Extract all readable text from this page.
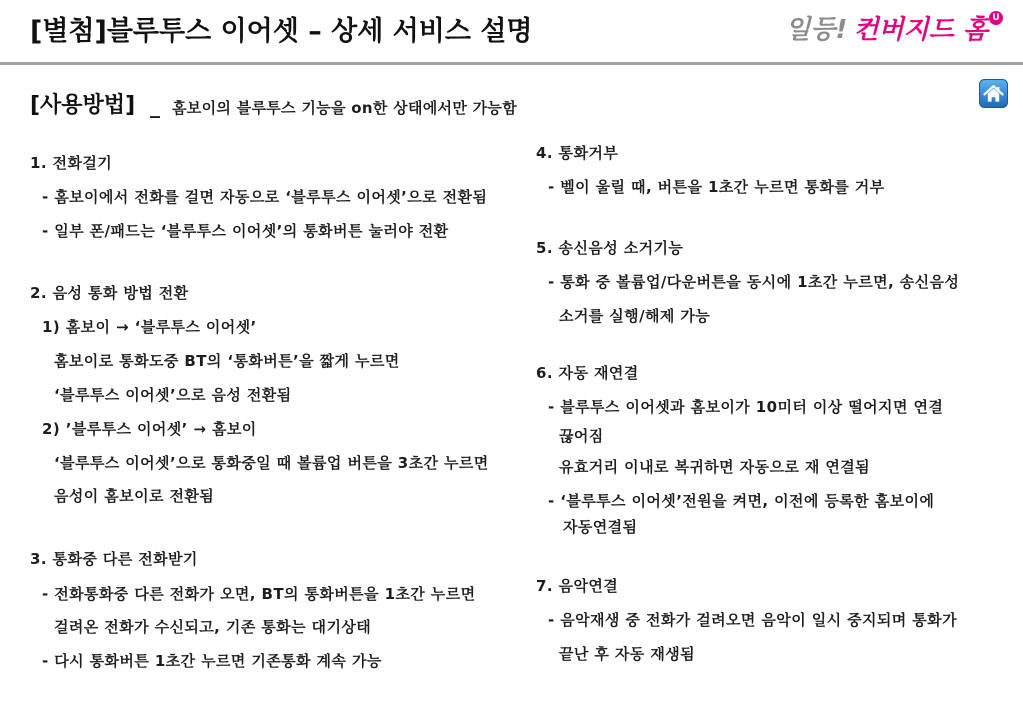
[별첨]블루투스 이어셋 – 상세 서비스 설명	일등! 컨버지드 홈 U
[사용방법] _ 홈보이의 블루투스 기능을 on한 상태에서만 가능함
1. 전화걸기
- 홈보이에서 전화를 걸면 자동으로 ‘블루투스 이어셋’으로 전환됨
- 일부 폰/패드는 ‘블루투스 이어셋’의 통화버튼 눌러야 전환
2. 음성 통화 방법 전환
1) 홈보이 → ‘블루투스 이어셋’
홈보이로 통화도중 BT의 ‘통화버튼’을 짧게 누르면
‘블루투스 이어셋’으로 음성 전환됨
2) ’블루투스 이어셋’ → 홈보이
‘블루투스 이어셋’으로 통화중일 때 볼륨업 버튼을 3초간 누르면
음성이 홈보이로 전환됨
3. 통화중 다른 전화받기
- 전화통화중 다른 전화가 오면, BT의 통화버튼을 1초간 누르면
걸려온 전화가 수신되고, 기존 통화는 대기상태
- 다시 통화버튼 1초간 누르면 기존통화 계속 가능
4. 통화거부
- 벨이 울릴 때, 버튼을 1초간 누르면 통화를 거부
5. 송신음성 소거기능
- 통화 중 볼륨업/다운버튼을 동시에 1초간 누르면, 송신음성
소거를 실행/해제 가능
6. 자동 재연결
- 블루투스 이어셋과 홈보이가 10미터 이상 떨어지면 연결
끊어짐
유효거리 이내로 복귀하면 자동으로 재 연결됨
- ‘블루투스 이어셋’전원을 켜면, 이전에 등록한 홈보이에
자동연결됨
7. 음악연결
- 음악재생 중 전화가 걸려오면 음악이 일시 중지되며 통화가
끝난 후 자동 재생됨
